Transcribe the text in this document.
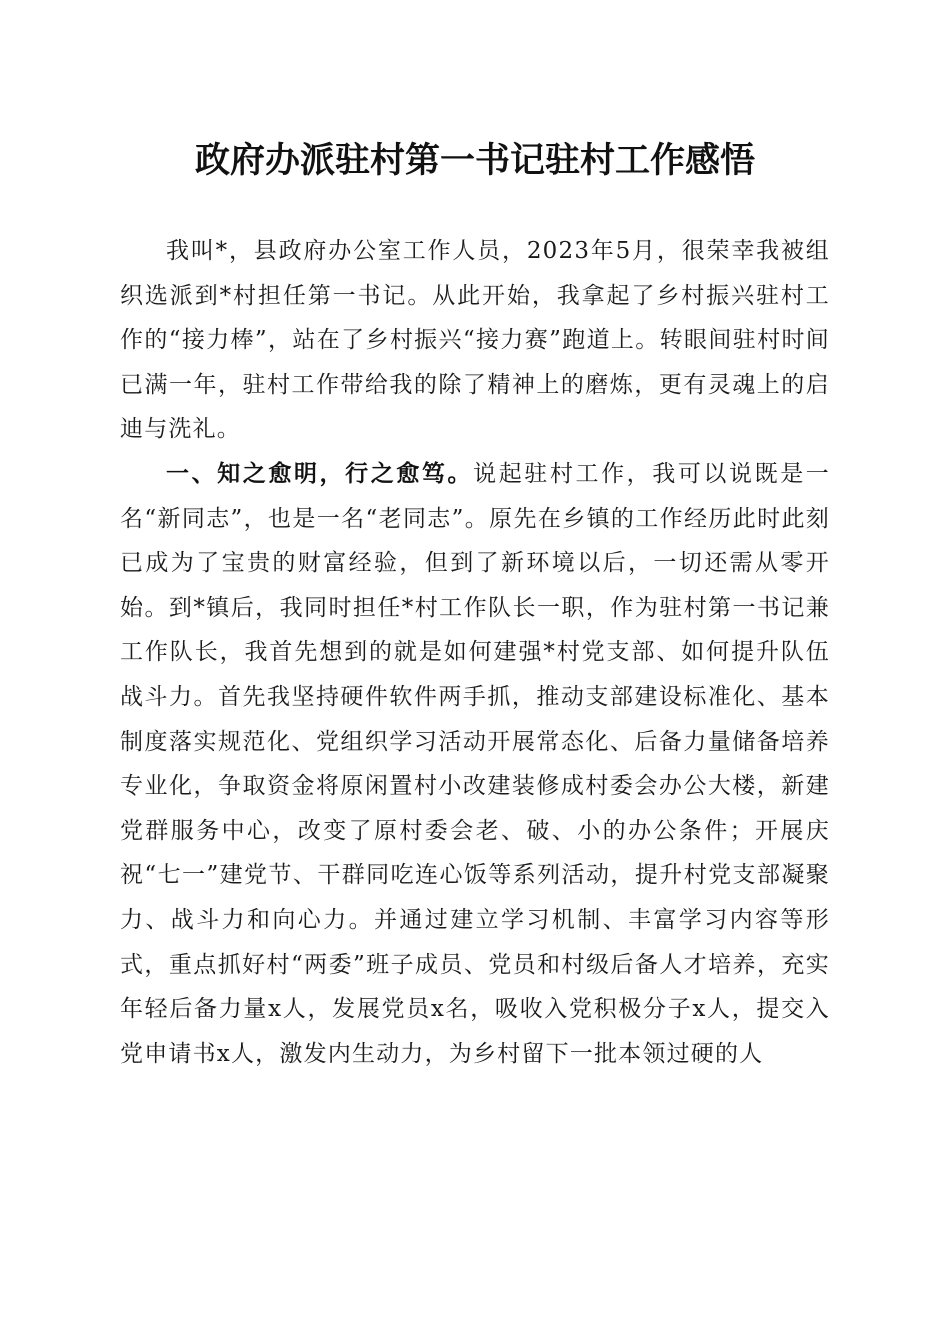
政府办派驻村第一书记驻村工作感悟

我叫*，县政府办公室工作人员，2023年5月，很荣幸我被组织选派到*村担任第一书记。从此开始，我拿起了乡村振兴驻村工作的“接力棒”，站在了乡村振兴“接力赛”跑道上。转眼间驻村时间已满一年，驻村工作带给我的除了精神上的磨炼，更有灵魂上的启迪与洗礼。

一、知之愈明，行之愈笃。说起驻村工作，我可以说既是一名“新同志”，也是一名“老同志”。原先在乡镇的工作经历此时此刻已成为了宝贵的财富经验，但到了新环境以后，一切还需从零开始。到*镇后，我同时担任*村工作队长一职，作为驻村第一书记兼工作队长，我首先想到的就是如何建强*村党支部、如何提升队伍战斗力。首先我坚持硬件软件两手抓，推动支部建设标准化、基本制度落实规范化、党组织学习活动开展常态化、后备力量储备培养专业化，争取资金将原闲置村小改建装修成村委会办公大楼，新建党群服务中心，改变了原村委会老、破、小的办公条件；开展庆祝“七一”建党节、干群同吃连心饭等系列活动，提升村党支部凝聚力、战斗力和向心力。并通过建立学习机制、丰富学习内容等形式，重点抓好村“两委”班子成员、党员和村级后备人才培养，充实年轻后备力量x人，发展党员x名，吸收入党积极分子x人，提交入党申请书x人，激发内生动力，为乡村留下一批本领过硬的人
